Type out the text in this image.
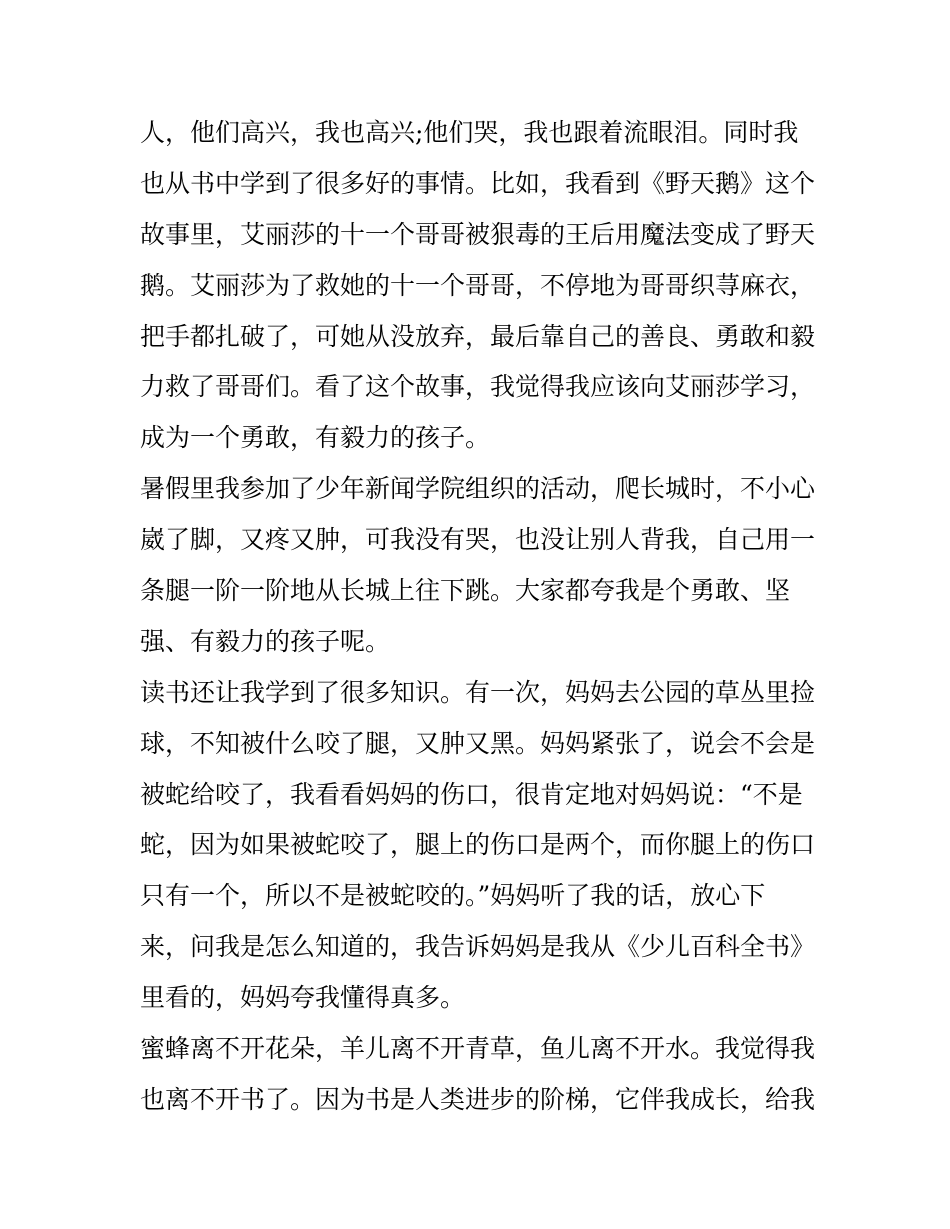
人，他们高兴，我也高兴;他们哭，我也跟着流眼泪。同时我
也从书中学到了很多好的事情。比如，我看到《野天鹅》这个
故事里，艾丽莎的十一个哥哥被狠毒的王后用魔法变成了野天
鹅。艾丽莎为了救她的十一个哥哥，不停地为哥哥织荨麻衣，
把手都扎破了，可她从没放弃，最后靠自己的善良、勇敢和毅
力救了哥哥们。看了这个故事，我觉得我应该向艾丽莎学习，
成为一个勇敢，有毅力的孩子。
暑假里我参加了少年新闻学院组织的活动，爬长城时，不小心
崴了脚，又疼又肿，可我没有哭，也没让别人背我，自己用一
条腿一阶一阶地从长城上往下跳。大家都夸我是个勇敢、坚
强、有毅力的孩子呢。
读书还让我学到了很多知识。有一次，妈妈去公园的草丛里捡
球，不知被什么咬了腿，又肿又黑。妈妈紧张了，说会不会是
被蛇给咬了，我看看妈妈的伤口，很肯定地对妈妈说：“不是
蛇，因为如果被蛇咬了，腿上的伤口是两个，而你腿上的伤口
只有一个，所以不是被蛇咬的。”妈妈听了我的话，放心下
来，问我是怎么知道的，我告诉妈妈是我从《少儿百科全书》
里看的，妈妈夸我懂得真多。
蜜蜂离不开花朵，羊儿离不开青草，鱼儿离不开水。我觉得我
也离不开书了。因为书是人类进步的阶梯，它伴我成长，给我
